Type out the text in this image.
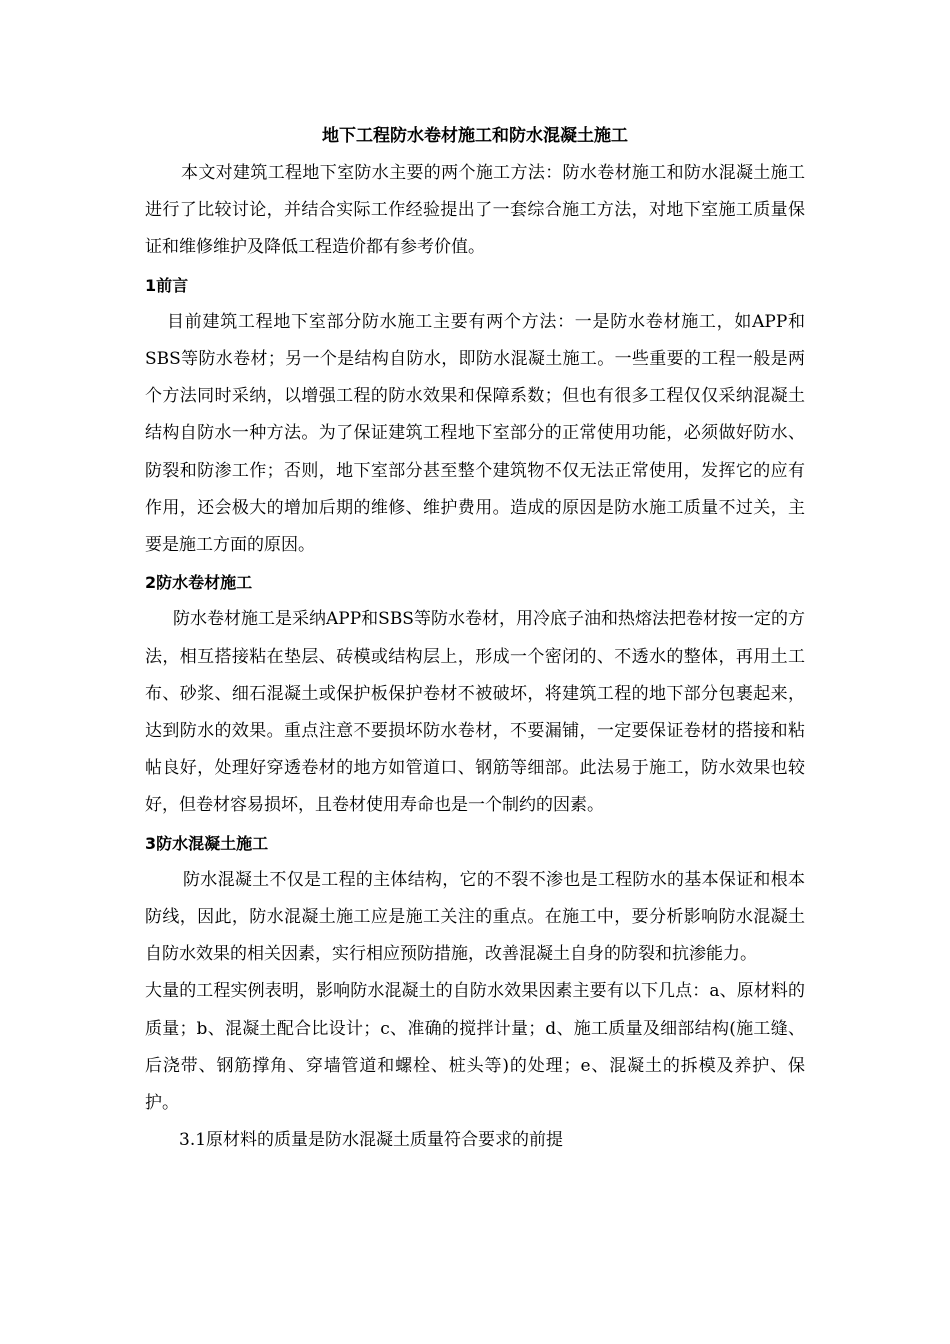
地下工程防水卷材施工和防水混凝土施工

本文对建筑工程地下室防水主要的两个施工方法：防水卷材施工和防水混凝土施工进行了比较讨论，并结合实际工作经验提出了一套综合施工方法，对地下室施工质量保证和维修维护及降低工程造价都有参考价值。

1前言

目前建筑工程地下室部分防水施工主要有两个方法：一是防水卷材施工，如APP和SBS等防水卷材；另一个是结构自防水，即防水混凝土施工。一些重要的工程一般是两个方法同时采纳，以增强工程的防水效果和保障系数；但也有很多工程仅仅采纳混凝土结构自防水一种方法。为了保证建筑工程地下室部分的正常使用功能，必须做好防水、防裂和防渗工作；否则，地下室部分甚至整个建筑物不仅无法正常使用，发挥它的应有作用，还会极大的增加后期的维修、维护费用。造成的原因是防水施工质量不过关，主要是施工方面的原因。

2防水卷材施工

防水卷材施工是采纳APP和SBS等防水卷材，用冷底子油和热熔法把卷材按一定的方法，相互搭接粘在垫层、砖模或结构层上，形成一个密闭的、不透水的整体，再用土工布、砂浆、细石混凝土或保护板保护卷材不被破坏，将建筑工程的地下部分包裹起来，达到防水的效果。重点注意不要损坏防水卷材，不要漏铺，一定要保证卷材的搭接和粘帖良好，处理好穿透卷材的地方如管道口、钢筋等细部。此法易于施工，防水效果也较好，但卷材容易损坏，且卷材使用寿命也是一个制约的因素。

3防水混凝土施工

防水混凝土不仅是工程的主体结构，它的不裂不渗也是工程防水的基本保证和根本防线，因此，防水混凝土施工应是施工关注的重点。在施工中，要分析影响防水混凝土自防水效果的相关因素，实行相应预防措施，改善混凝土自身的防裂和抗渗能力。

大量的工程实例表明，影响防水混凝土的自防水效果因素主要有以下几点：a、原材料的质量；b、混凝土配合比设计；c、准确的搅拌计量；d、施工质量及细部结构(施工缝、后浇带、钢筋撑角、穿墙管道和螺栓、桩头等)的处理；e、混凝土的拆模及养护、保护。

3.1原材料的质量是防水混凝土质量符合要求的前提
